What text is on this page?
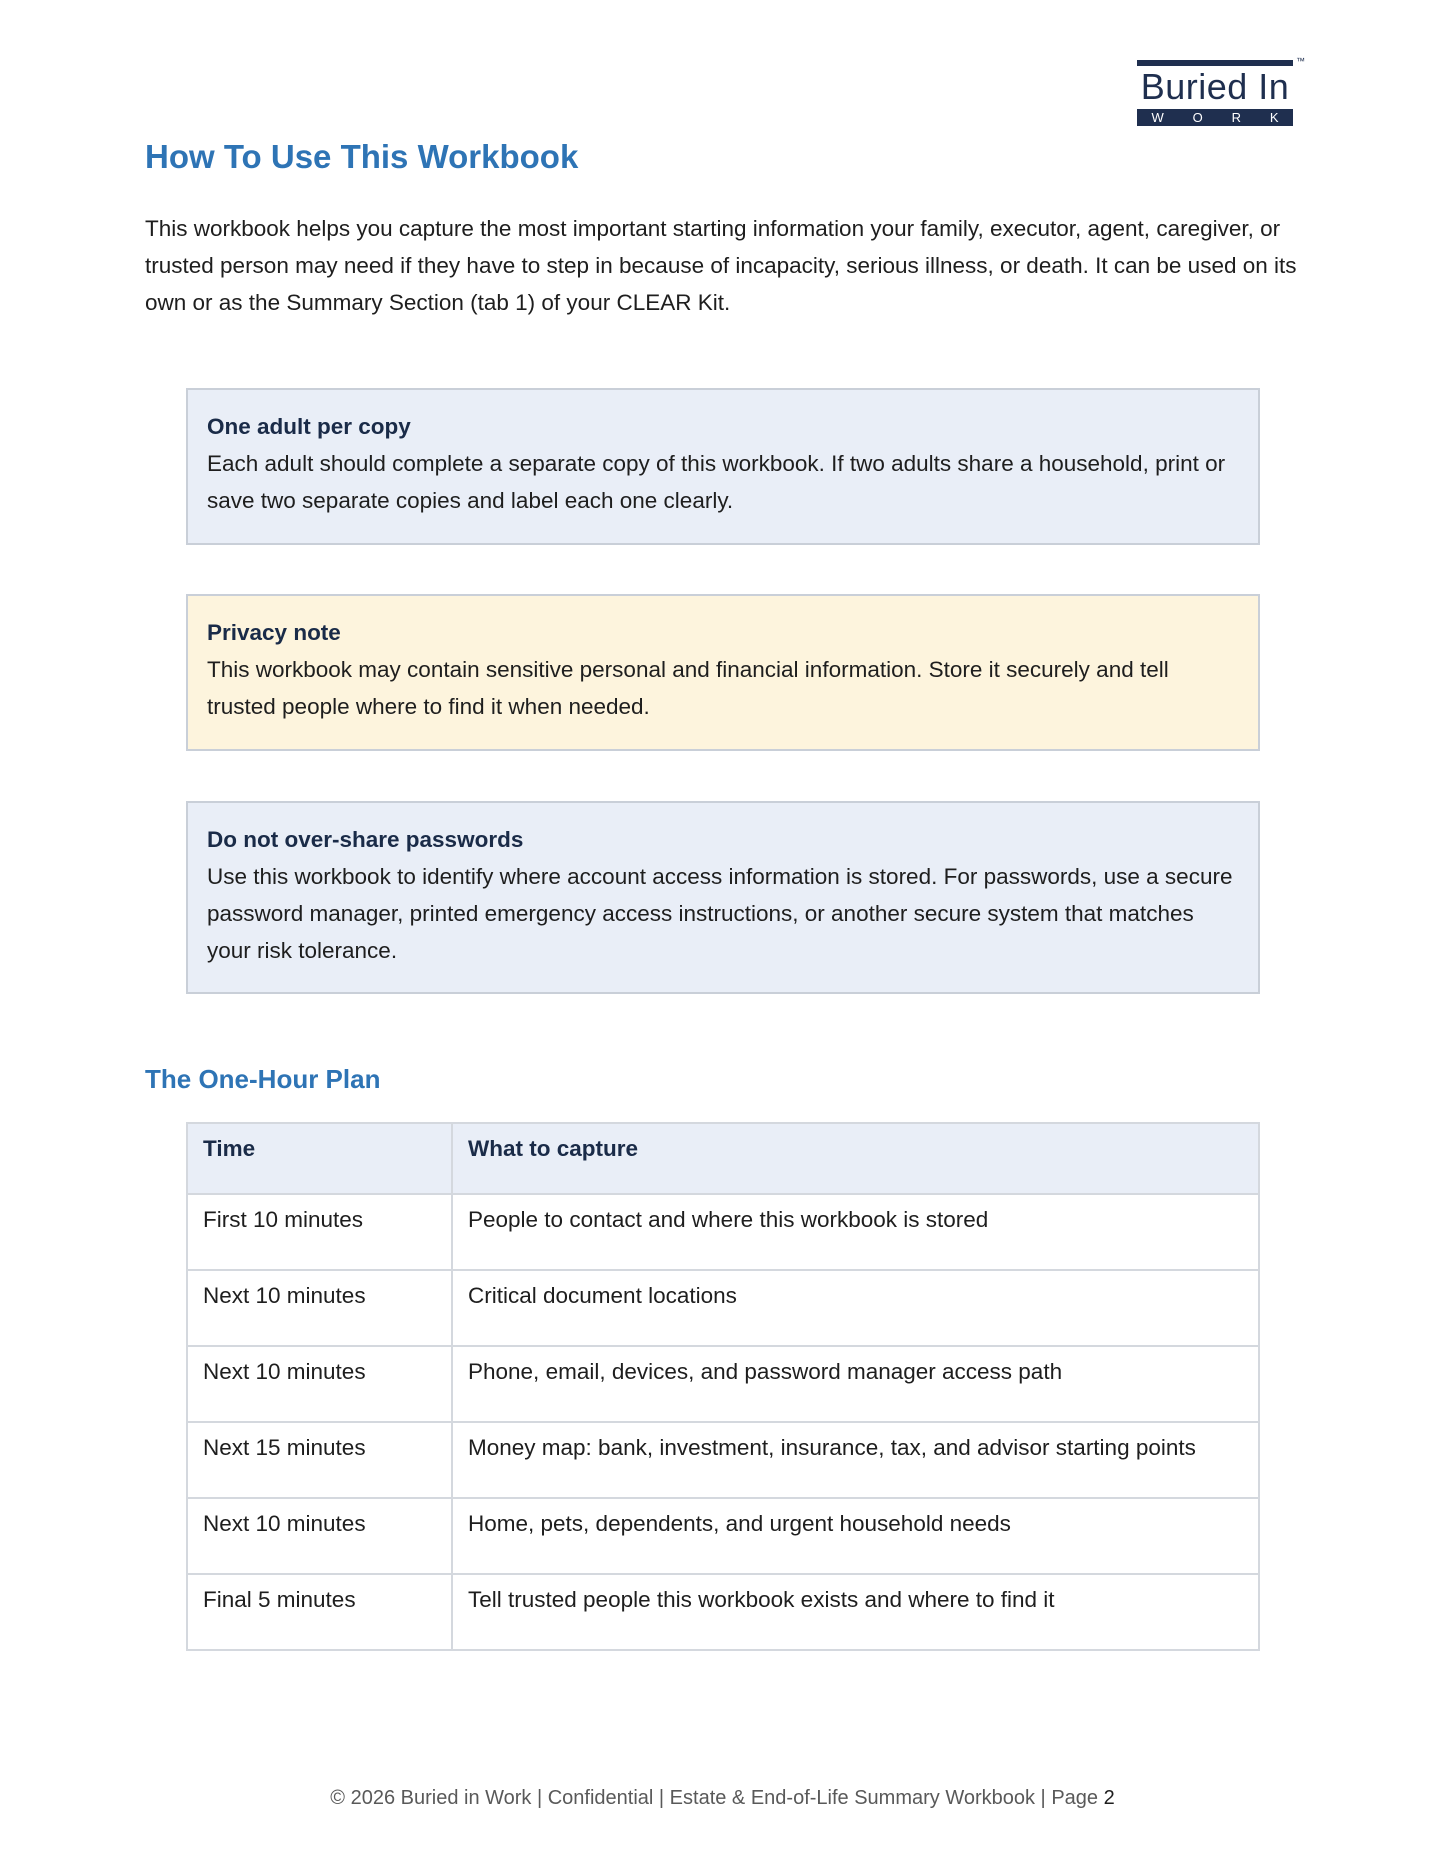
™
Buried In
W O R K
How To Use This Workbook

This workbook helps you capture the most important starting information your family, executor, agent, caregiver, or trusted person may need if they have to step in because of incapacity, serious illness, or death. It can be used on its own or as the Summary Section (tab 1) of your CLEAR Kit.

One adult per copy
Each adult should complete a separate copy of this workbook. If two adults share a household, print or save two separate copies and label each one clearly.
Privacy note
This workbook may contain sensitive personal and financial information. Store it securely and tell trusted people where to find it when needed.
Do not over-share passwords
Use this workbook to identify where account access information is stored. For passwords, use a secure password manager, printed emergency access instructions, or another secure system that matches your risk tolerance.
The One-Hour Plan
Time	What to capture
First 10 minutes	People to contact and where this workbook is stored
Next 10 minutes	Critical document locations
Next 10 minutes	Phone, email, devices, and password manager access path
Next 15 minutes	Money map: bank, investment, insurance, tax, and advisor starting points
Next 10 minutes	Home, pets, dependents, and urgent household needs
Final 5 minutes	Tell trusted people this workbook exists and where to find it
© 2026 Buried in Work | Confidential | Estate & End-of-Life Summary Workbook | Page 2
